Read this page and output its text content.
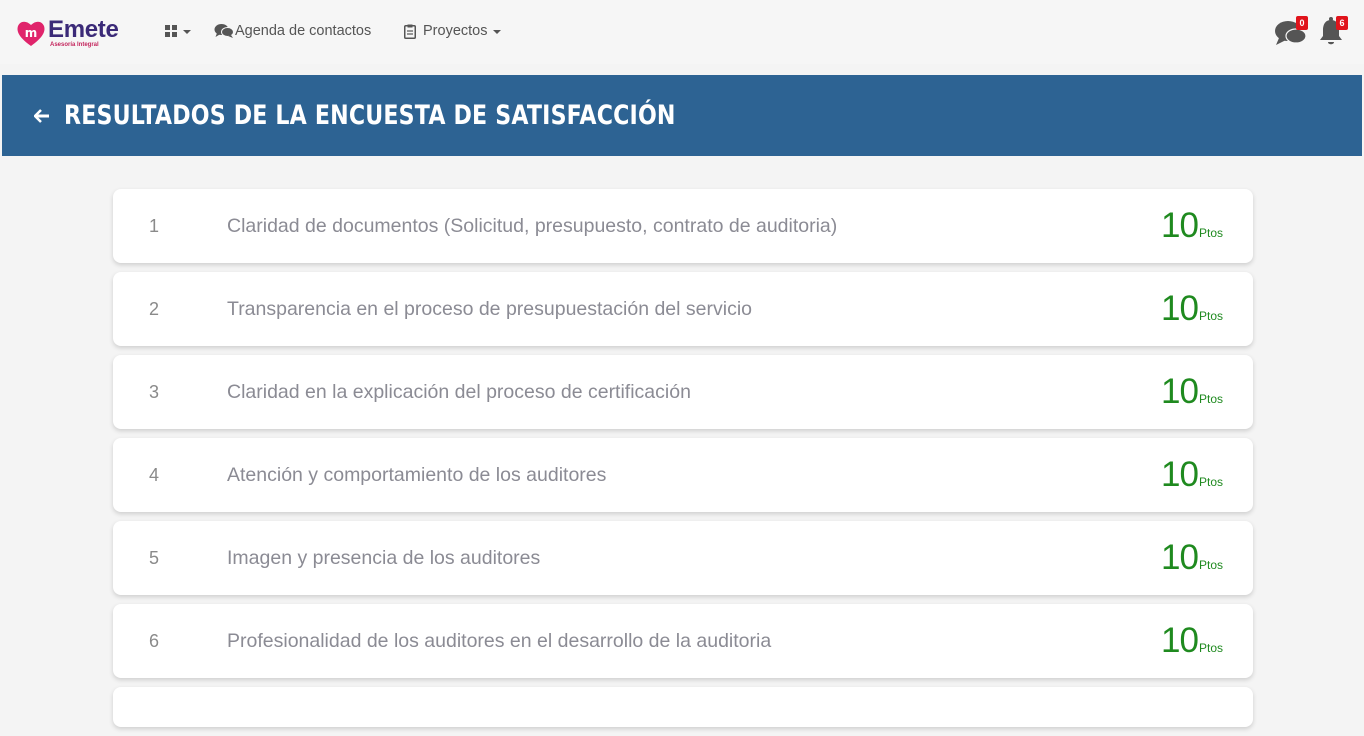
m Emete
Asesoría Integral
Agenda de contactos	Proyectos	0	6
RESULTADOS DE LA ENCUESTA DE SATISFACCIÓN
1	Claridad de documentos (Solicitud, presupuesto, contrato de auditoria)	10 Ptos
2	Transparencia en el proceso de presupuestación del servicio	10 Ptos
3	Claridad en la explicación del proceso de certificación	10 Ptos
4	Atención y comportamiento de los auditores	10 Ptos
5	Imagen y presencia de los auditores	10 Ptos
6	Profesionalidad de los auditores en el desarrollo de la auditoria	10 Ptos
